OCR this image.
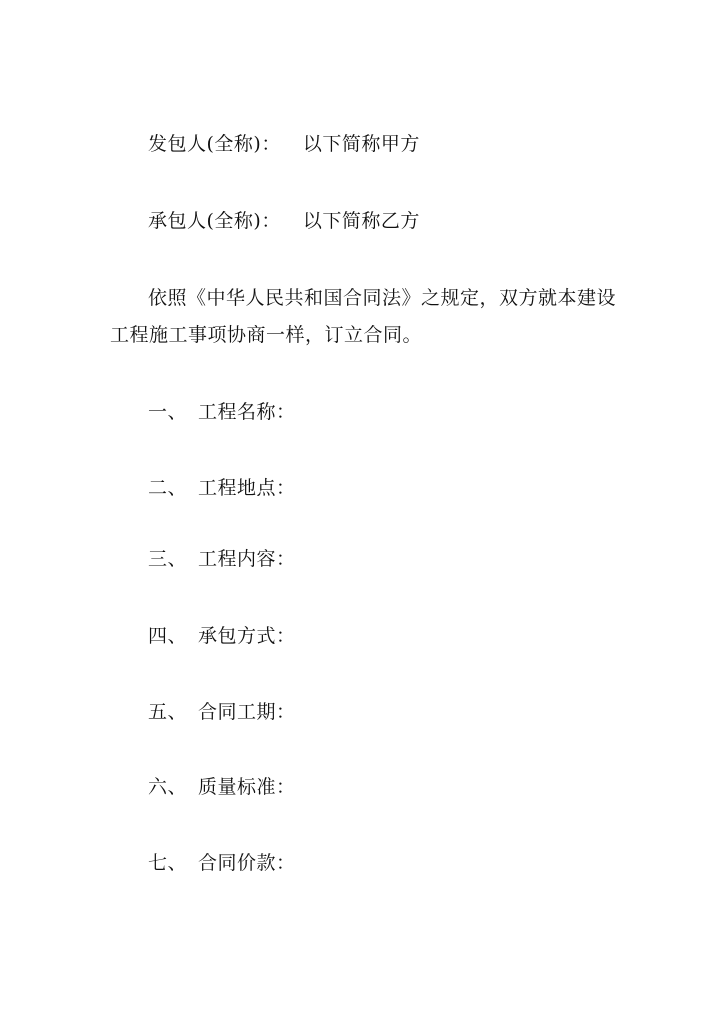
发包人(全称)： 以下简称甲方
承包人(全称)： 以下简称乙方
依照《中华人民共和国合同法》之规定，双方就本建设
工程施工事项协商一样，订立合同。
一、 工程名称：
二、 工程地点：
三、 工程内容：
四、 承包方式：
五、 合同工期：
六、 质量标准：
七、 合同价款：
